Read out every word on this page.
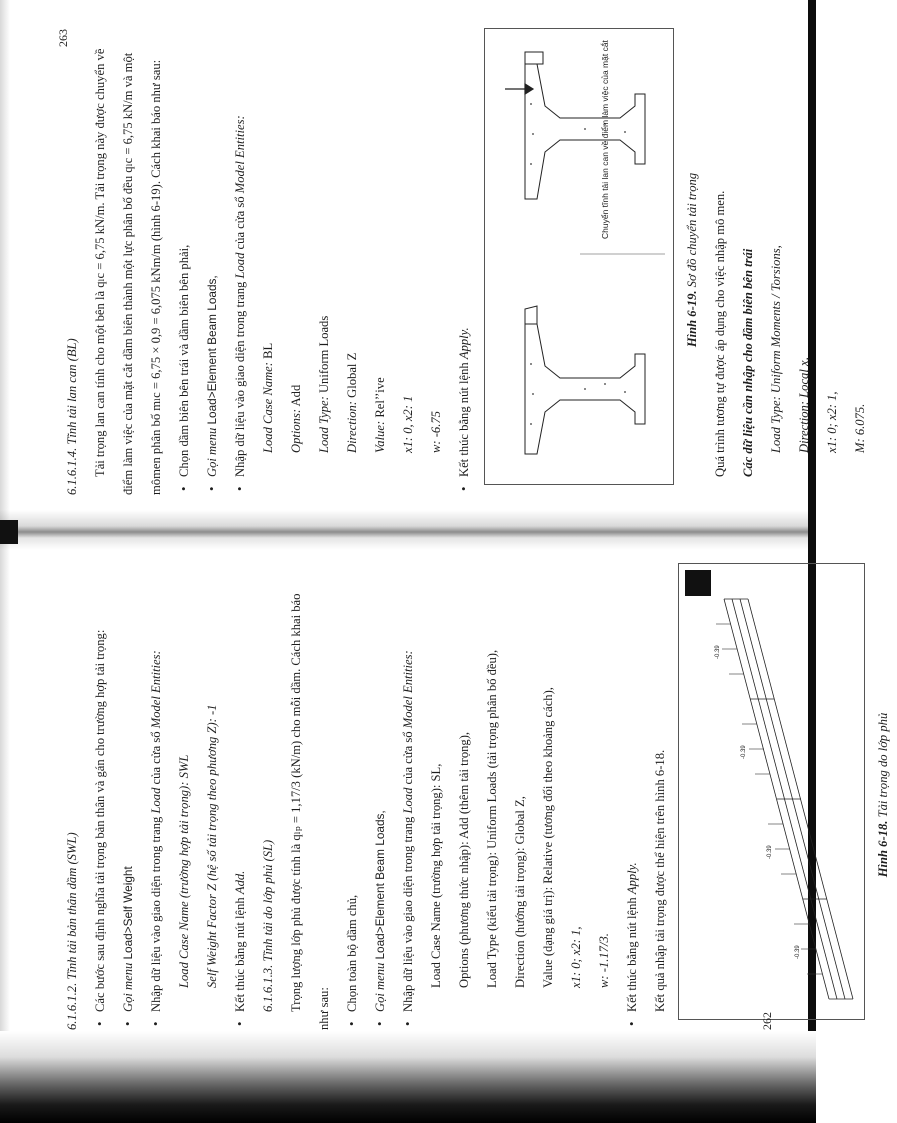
6.1.6.1.2. Tĩnh tải bản thân dầm (SWL)	• Các bước sau định nghĩa tải trọng bản thân và gán cho trường hợp tải trọng:	• Gọi menu Load>Self Weight	• Nhập dữ liệu vào giao diện trong trang Load của cửa sổ Model Entities:

Load Case Name (trường hợp tải trọng): SWL	Self Weight Factor Z (hệ số tải trọng theo phương Z): -1	• Kết thúc bằng nút lệnh Add.	6.1.6.1.3. Tĩnh tải do lớp phủ (SL)	Trọng lượng lớp phủ được tính là qₗₚ = 1,17/3 (kN/m) cho mỗi dầm. Cách khai báo	như sau:	• Chọn toàn bộ dầm chủ,	• Gọi menu Load>Element Beam Loads,	• Nhập dữ liệu vào giao diện trong trang Load của cửa sổ Model Entities:

Load Case Name (trường hợp tải trọng): SL,	Options (phương thức nhập): Add (thêm tải trọng),	Load Type (kiểu tải trọng): Uniform Loads (tải trọng phân bố đều),	Direction (hướng tải trọng): Global Z,	Value (dạng giá trị): Relative (tương đối theo khoảng cách),	x1: 0; x2: 1,	w: -1.17/3.	• Kết thúc bằng nút lệnh Apply.	Kết quả nhập tải trọng được thể hiện trên hình 6-18.	-0.39
-0.39
-0.39
-0.39

Hình 6-18. Tải trọng do lớp phủ

262

6.1.6.1.4. Tĩnh tải lan can (BL)	Tải trọng lan can tính cho một bên là qₗc = 6,75 kN/m. Tải trọng này được chuyển về	điểm làm việc của mặt cắt dầm biên thành một lực phân bố đều qₗc = 6,75 kN/m và một	mômen phân bố mₗc = 6,75 × 0,9 = 6,075 kNm/m (hình 6-19). Cách khai báo như sau:	• Chọn dầm biên bên trái và dầm biên bên phải,	• Gọi menu Load>Element Beam Loads,	• Nhập dữ liệu vào giao diện trong trang Load của cửa sổ Model Entities:

Load Case Name: BL

Options: Add

Load Type: Uniform Loads

Direction: Global Z

Value: Rel’’ive	x1: 0, x2: 1	w: -6.75	• Kết thúc bằng nút lệnh Apply.

Chuyển tĩnh tải lan can về điểm làm việc của mặt cắt

Hình 6-19. Sơ đồ chuyển tải trọng	Quá trình tương tự được áp dụng cho việc nhập mô men.	Các dữ liệu cần nhập cho dầm biên bên trái	Load Type: Uniform Moments / Torsions,	Direction: Local x,	x1: 0; x2: 1,	M: 6.075.

263
